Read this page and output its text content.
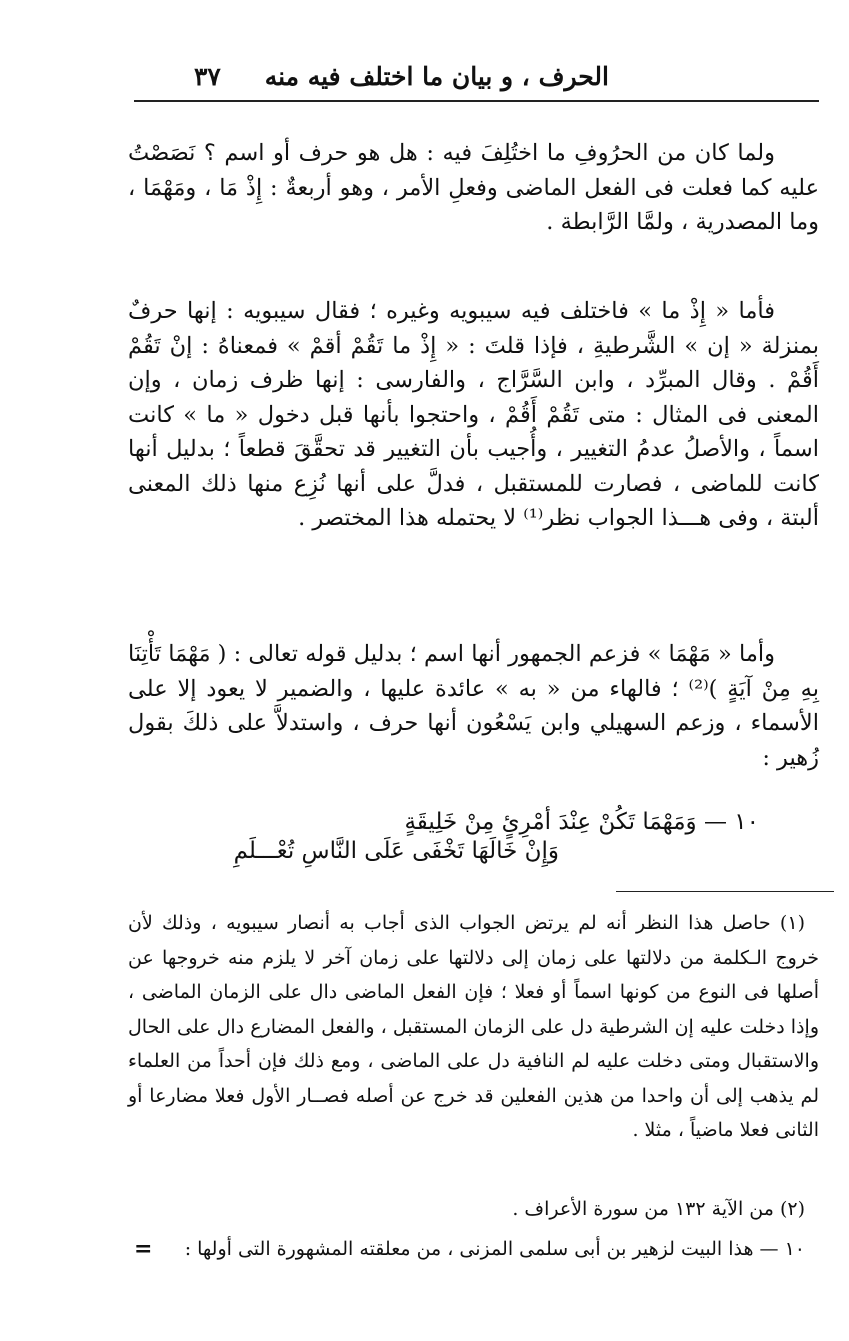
الحرف ، و بيان ما اختلف فيه منه
٣٧

ولما كان من الحرُوفِ ما اختُلِفَ فيه : هل هو حرف أو اسم ؟ نَصَصْتُ عليه كما فعلت فى الفعل الماضى وفعلِ الأمر ، وهو أربعةٌ : إِذْ مَا ، ومَهْمَا ، وما المصدرية ، ولمَّا الرَّابطة .

فأما « إِذْ ما » فاختلف فيه سيبويه وغيره ؛ فقال سيبويه : إنها حرفٌ بمنزلة « إن » الشَّرطيةِ ، فإذا قلتَ : « إِذْ ما تَقُمْ أقمْ » فمعناهُ : إنْ تَقُمْ أَقُمْ . وقال المبرِّد ، وابن السَّرَّاج ، والفارسى : إنها ظرف زمان ، وإن المعنى فى المثال : متى تَقُمْ أَقُمْ ، واحتجوا بأنها قبل دخول « ما » كانت اسماً ، والأصلُ عدمُ التغيير ، وأُجيب بأن التغيير قد تحقَّقَ قطعاً ؛ بدليل أنها كانت للماضى ، فصارت للمستقبل ، فدلَّ على أنها نُزِع منها ذلك المعنى ألبتة ، وفى هـــذا الجواب نظر⁽¹⁾ لا يحتمله هذا المختصر .

وأما « مَهْمَا » فزعم الجمهور أنها اسم ؛ بدليل قوله تعالى : ( مَهْمَا تَأْتِنَا بِهِ مِنْ آيَةٍ )⁽²⁾ ؛ فالهاء من « به » عائدة عليها ، والضمير لا يعود إلا على الأسماء ، وزعم السهيلي وابن يَسْعُون أنها حرف ، واستدلاَّ على ذلكَ بقول زُهير :

١٠ — وَمَهْمَا تَكُنْ عِنْدَ أمْرِئٍ مِنْ خَلِيقَةٍ
وَإِنْ خَالَهَا تَخْفَى عَلَى النَّاسِ تُعْـــلَمِ

(١) حاصل هذا النظر أنه لم يرتض الجواب الذى أجاب به أنصار سيبويه ، وذلك لأن خروج الـكلمة من دلالتها على زمان إلى دلالتها على زمان آخر لا يلزم منه خروجها عن أصلها فى النوع من كونها اسماً أو فعلا ؛ فإن الفعل الماضى دال على الزمان الماضى ، وإذا دخلت عليه إن الشرطية دل على الزمان المستقبل ، والفعل المضارع دال على الحال والاستقبال ومتى دخلت عليه لم النافية دل على الماضى ، ومع ذلك فإن أحداً من العلماء لم يذهب إلى أن واحدا من هذين الفعلين قد خرج عن أصله فصــار الأول فعلا مضارعا أو الثانى فعلا ماضياً ، مثلا .

(٢) من الآية ١٣٢ من سورة الأعراف .

١٠ — هذا البيت لزهير بن أبى سلمى المزنى ، من معلقته المشهورة التى أولها :

=
